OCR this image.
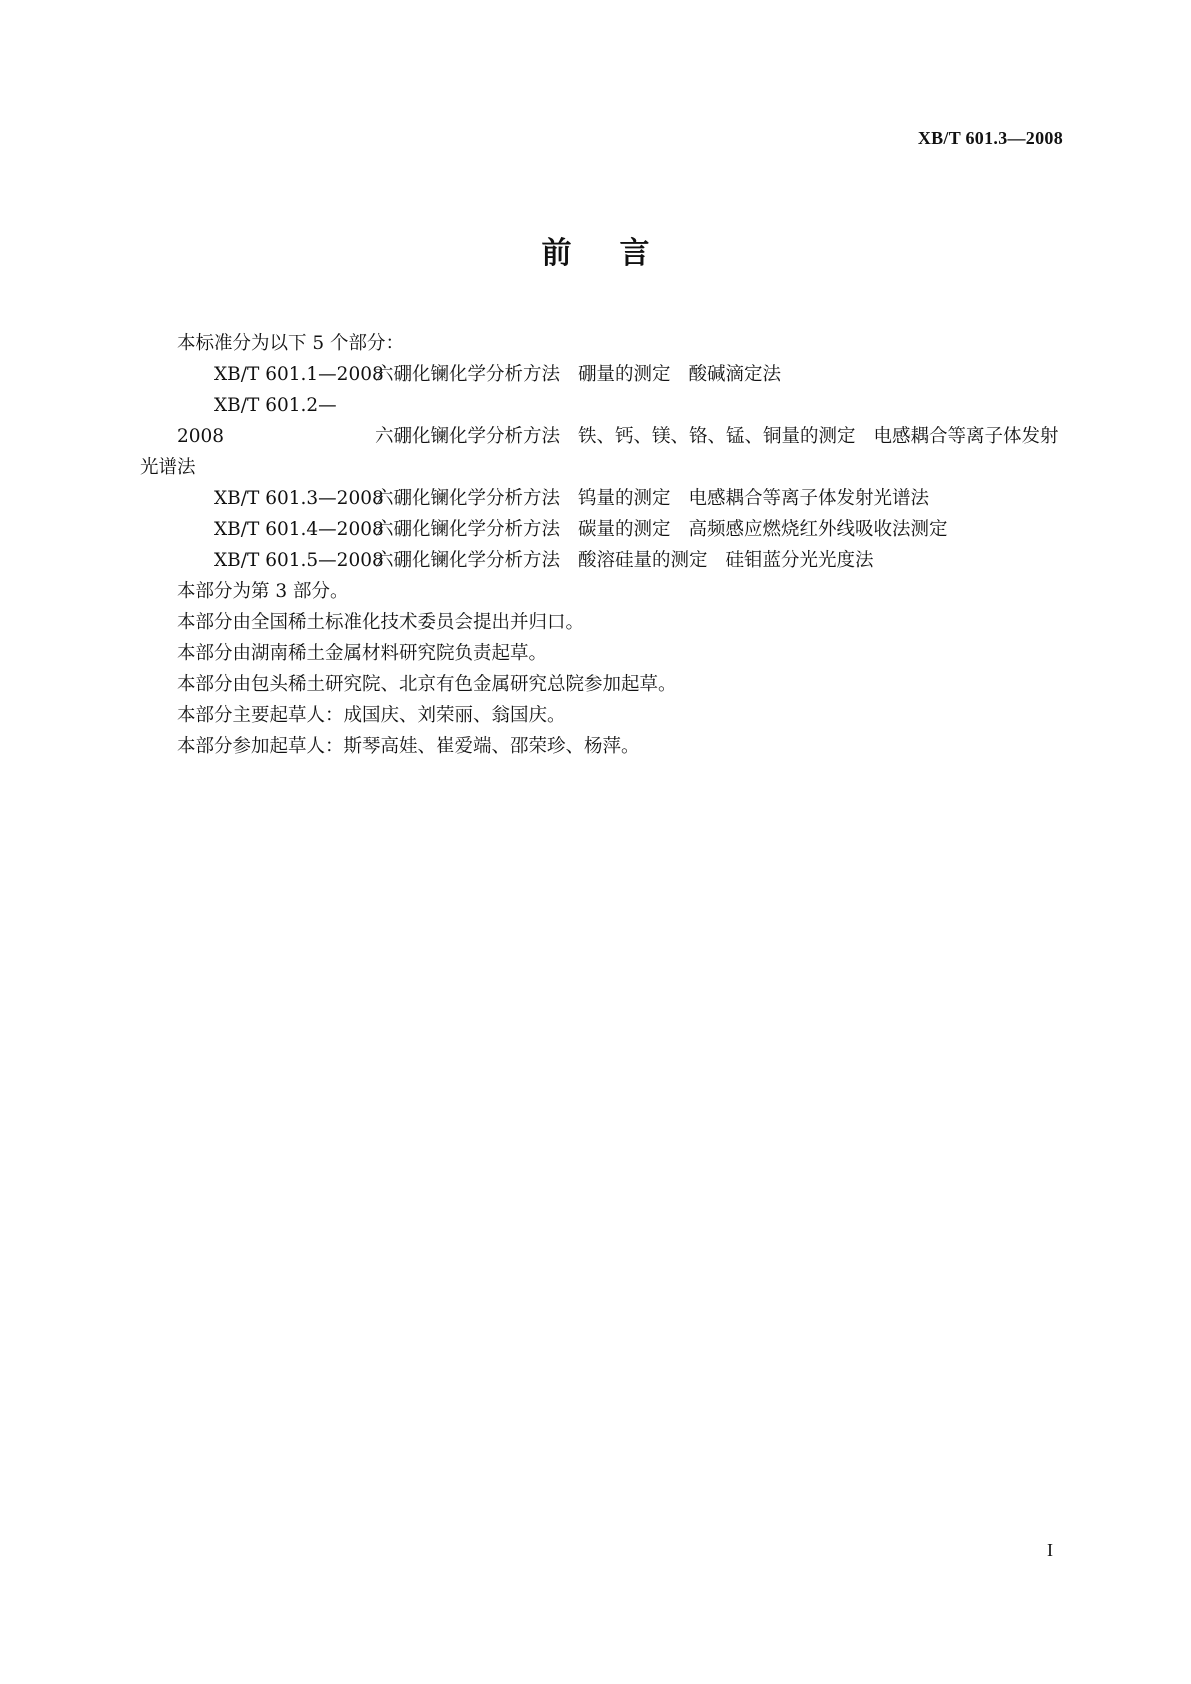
XB/T 601.3—2008
前 言

本标准分为以下 5 个部分：

XB/T 601.1—2008六硼化镧化学分析方法 硼量的测定 酸碱滴定法

XB/T 601.2—2008	六硼化镧化学分析方法 铁、钙、镁、铬、锰、铜量的测定 电感耦合等离子体发射光谱法

XB/T 601.3—2008六硼化镧化学分析方法 钨量的测定 电感耦合等离子体发射光谱法

XB/T 601.4—2008六硼化镧化学分析方法 碳量的测定 高频感应燃烧红外线吸收法测定

XB/T 601.5—2008六硼化镧化学分析方法 酸溶硅量的测定 硅钼蓝分光光度法

本部分为第 3 部分。

本部分由全国稀土标准化技术委员会提出并归口。

本部分由湖南稀土金属材料研究院负责起草。

本部分由包头稀土研究院、北京有色金属研究总院参加起草。

本部分主要起草人：成国庆、刘荣丽、翁国庆。

本部分参加起草人：斯琴高娃、崔爱端、邵荣珍、杨萍。

I
